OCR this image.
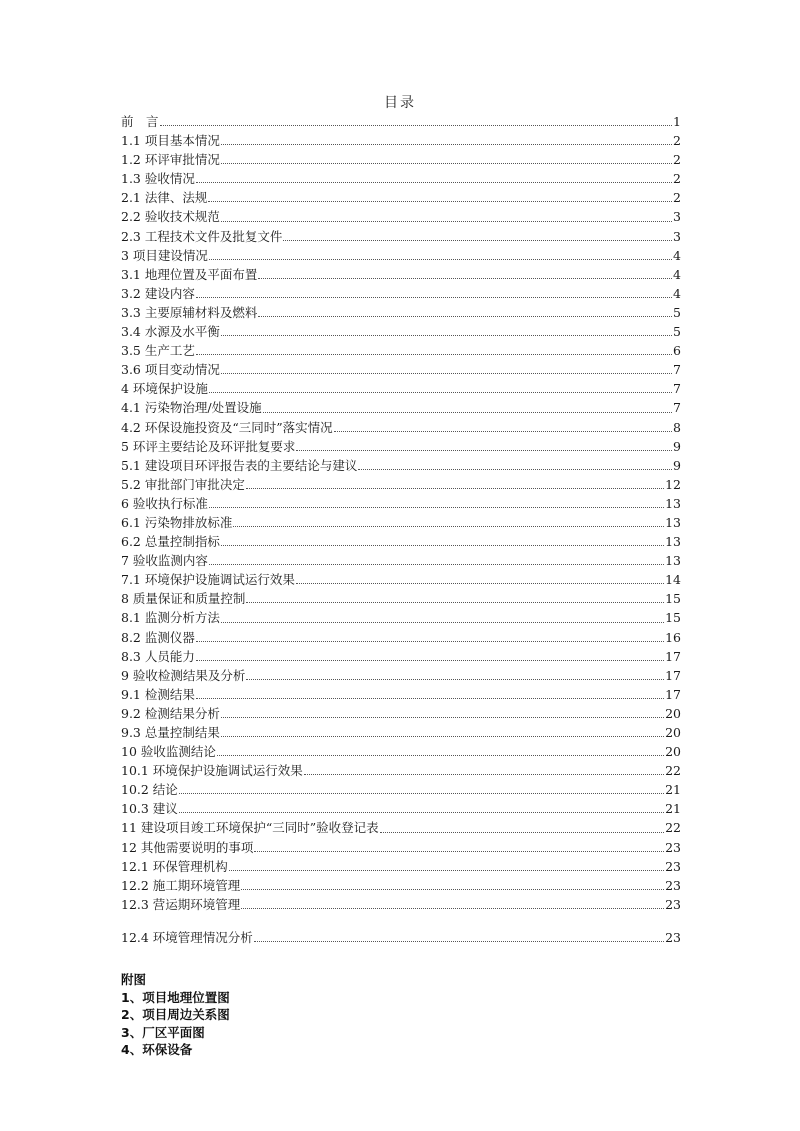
目录
前　言	1
1.1 项目基本情况	2
1.2 环评审批情况	2
1.3 验收情况	2
2.1 法律、法规	2
2.2 验收技术规范	3
2.3 工程技术文件及批复文件	3
3 项目建设情况	4
3.1 地理位置及平面布置	4
3.2 建设内容	4
3.3 主要原辅材料及燃料	5
3.4 水源及水平衡	5
3.5 生产工艺	6
3.6 项目变动情况	7
4 环境保护设施	7
4.1 污染物治理/处置设施	7
4.2 环保设施投资及“三同时”落实情况	8
5 环评主要结论及环评批复要求	9
5.1 建设项目环评报告表的主要结论与建议	9
5.2 审批部门审批决定	12
6 验收执行标准	13
6.1 污染物排放标准	13
6.2 总量控制指标	13
7 验收监测内容	13
7.1 环境保护设施调试运行效果	14
8 质量保证和质量控制	15
8.1 监测分析方法	15
8.2 监测仪器	16
8.3 人员能力	17
9 验收检测结果及分析	17
9.1 检测结果	17
9.2 检测结果分析	20
9.3 总量控制结果	20
10 验收监测结论	20
10.1 环境保护设施调试运行效果	22
10.2 结论	21
10.3 建议	21
11 建设项目竣工环境保护“三同时”验收登记表	22
12 其他需要说明的事项	23
12.1 环保管理机构	23
12.2 施工期环境管理	23
12.3 营运期环境管理	23
12.4 环境管理情况分析	23
附图
1、项目地理位置图
2、项目周边关系图
3、厂区平面图
4、环保设备
